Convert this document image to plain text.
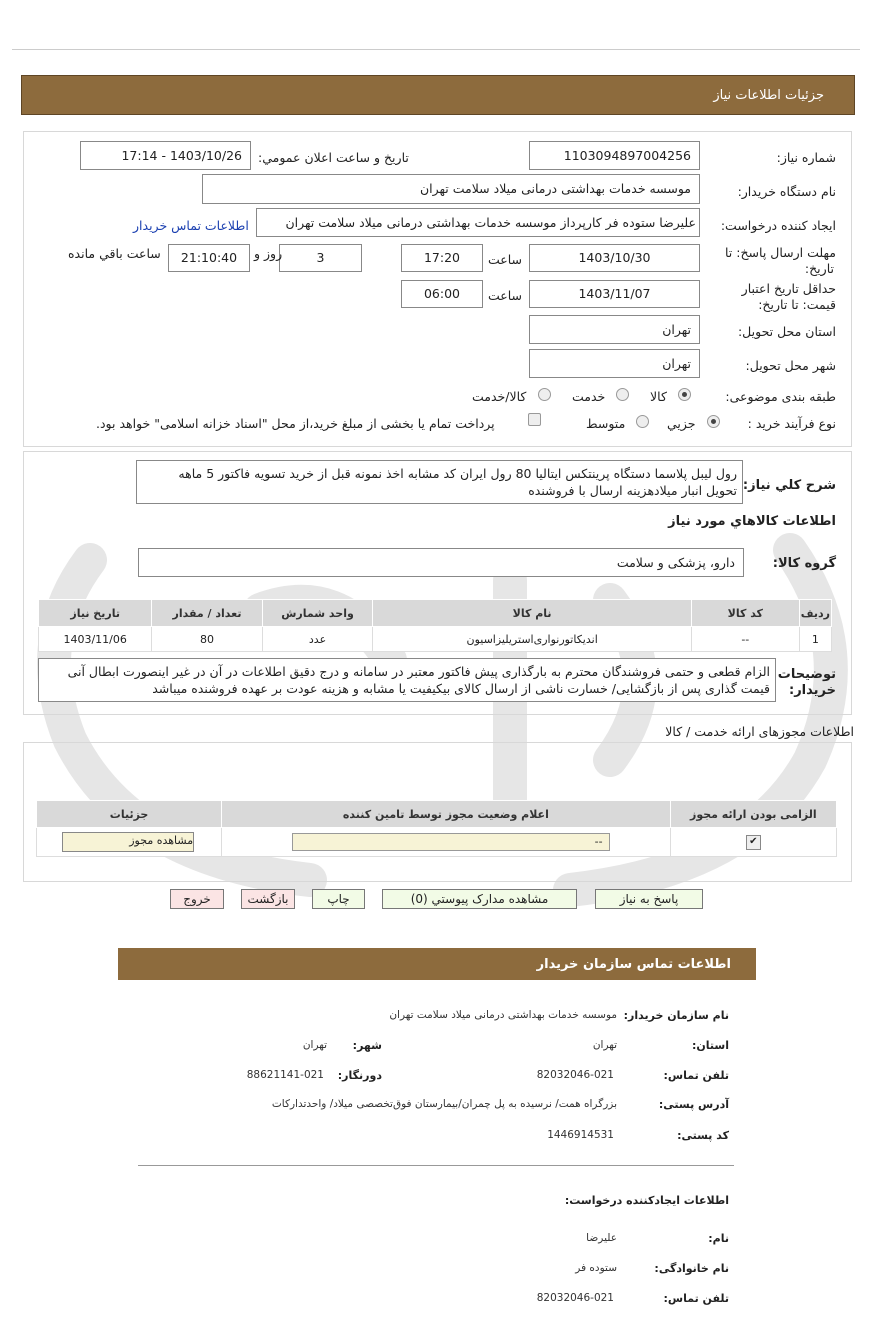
جزئیات اطلاعات نیاز
شماره نیاز:
1103094897004256
تاریخ و ساعت اعلان عمومي:
1403/10/26 - 17:14
نام دستگاه خریدار:
موسسه خدمات بهداشتی درمانی میلاد سلامت تهران
ایجاد کننده درخواست:
علیرضا ستوده فر کارپرداز موسسه خدمات بهداشتی درمانی میلاد سلامت تهران
اطلاعات تماس خریدار
مهلت ارسال پاسخ: تا
تاریخ:
1403/10/30
ساعت
17:20
3
روز و
21:10:40
ساعت باقي مانده
حداقل تاریخ اعتبار
قیمت: تا تاریخ:
1403/11/07
ساعت
06:00
استان محل تحویل:
تهران
شهر محل تحویل:
تهران
طبقه بندی موضوعی:
کالا
خدمت
کالا/خدمت
نوع فرآیند خرید :
جزيي
متوسط
پرداخت تمام یا بخشی از مبلغ خرید،از محل "اسناد خزانه اسلامی" خواهد بود.
شرح کلي نیاز:
رول لیبل پلاسما دستگاه پرینتکس ایتالیا 80 رول ایران کد مشابه اخذ نمونه قبل از خرید تسویه فاکتور 5 ماهه
تحویل انبار میلادهزینه ارسال با فروشنده
اطلاعات کالاهاي مورد نیاز
گروه کالا:
دارو، پزشکی و سلامت
ردیف	کد کالا	نام کالا	واحد شمارش	تعداد / مقدار	تاریخ نیاز
1	--	اندیکاتورنواری‌استریلیزاسیون	عدد	80	1403/11/06
توضیحات
خریدار:
الزام قطعی و حتمی فروشندگان محترم به بارگذاری پیش فاکتور معتبر در سامانه و درج دقیق اطلاعات در آن در غیر اینصورت ابطال آنی
قیمت گذاری پس از بازگشایی/ خسارت ناشی از ارسال کالای بیکیفیت یا مشابه و هزینه عودت بر عهده فروشنده میباشد
اطلاعات مجوزهای ارائه خدمت / کالا
الزامی بودن ارائه مجوز	اعلام وضعیت مجوز توسط تامین کننده	جزئیات
✔	--	مشاهده مجوز
پاسخ به نیاز
مشاهده مدارک پیوستي (0)
چاپ
بازگشت
خروج
اطلاعات تماس سازمان خریدار
نام سازمان خریدار:
موسسه خدمات بهداشتی درمانی میلاد سلامت تهران
استان:
تهران
شهر:
تهران
تلفن تماس:
82032046-021
دورنگار:
88621141-021
آدرس پستی:
بزرگراه همت/ نرسیده به پل چمران/بیمارستان فوق‌تخصصی میلاد/ واحدتدارکات
کد پستی:
1446914531
اطلاعات ایجادکننده درخواست:
نام:
علیرضا
نام خانوادگی:
ستوده فر
تلفن تماس:
82032046-021
